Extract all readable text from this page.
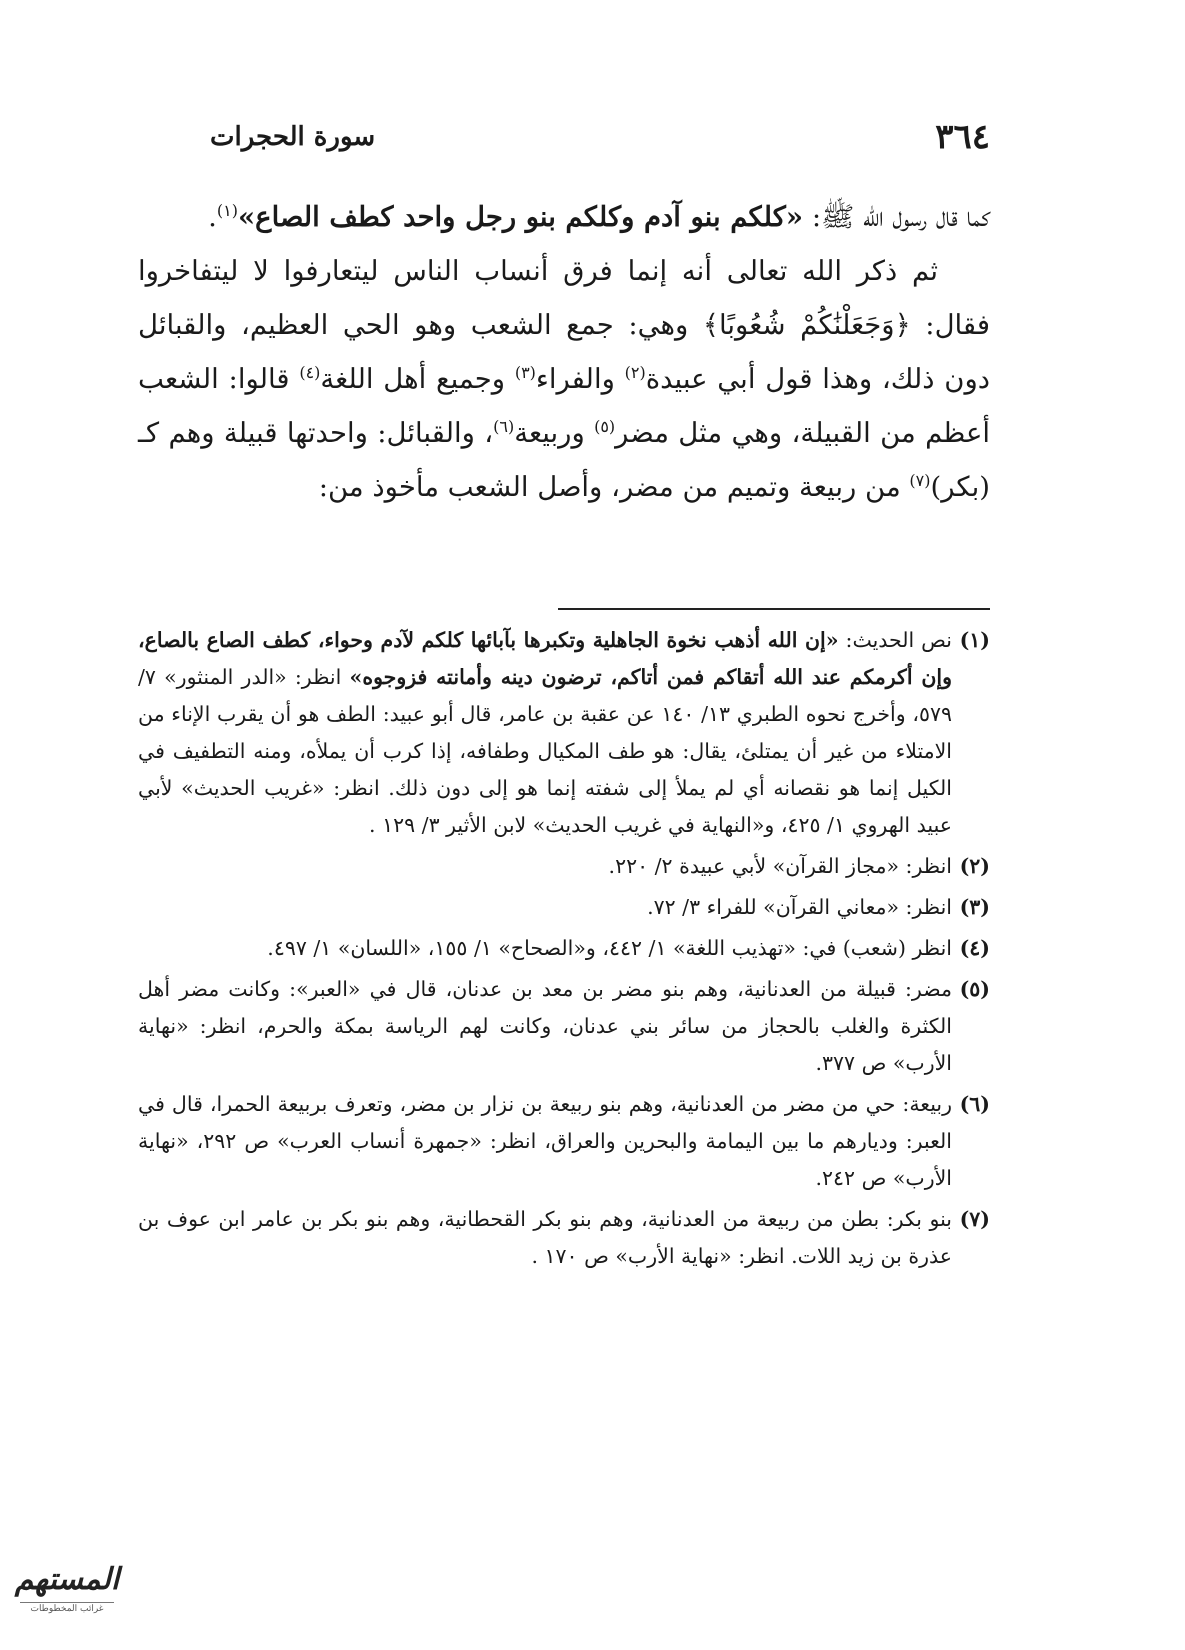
٣٦٤
سورة الحجرات

كما قال رسول الله ﷺ: «كلكم بنو آدم وكلكم بنو رجل واحد كطف الصاع»$^{(١)}$.

ثم ذكر الله تعالى أنه إنما فرق أنساب الناس ليتعارفوا لا ليتفاخروا فقال: ﴿وَجَعَلْنَٰكُمْ شُعُوبًا﴾ وهي: جمع الشعب وهو الحي العظيم، والقبائل دون ذلك، وهذا قول أبي عبيدة$^{(٢)}$ والفراء$^{(٣)}$ وجميع أهل اللغة$^{(٤)}$ قالوا: الشعب أعظم من القبيلة، وهي مثل مضر$^{(٥)}$ وربيعة$^{(٦)}$، والقبائل: واحدتها قبيلة وهم كـ (بكر)$^{(٧)}$ من ربيعة وتميم من مضر، وأصل الشعب مأخوذ من:

(١)
نص الحديث: «إن الله أذهب نخوة الجاهلية وتكبرها بآبائها كلكم لآدم وحواء، كطف الصاع بالصاع، وإن أكرمكم عند الله أتقاكم فمن أتاكم، ترضون دينه وأمانته فزوجوه» انظر: «الدر المنثور» ٧/ ٥٧٩، وأخرج نحوه الطبري ١٣/ ١٤٠ عن عقبة بن عامر، قال أبو عبيد: الطف هو أن يقرب الإناء من الامتلاء من غير أن يمتلئ، يقال: هو طف المكيال وطفافه، إذا كرب أن يملأه، ومنه التطفيف في الكيل إنما هو نقصانه أي لم يملأ إلى شفته إنما هو إلى دون ذلك. انظر: «غريب الحديث» لأبي عبيد الهروي ١/ ٤٢٥، و«النهاية في غريب الحديث» لابن الأثير ٣/ ١٢٩ .
(٢)
انظر: «مجاز القرآن» لأبي عبيدة ٢/ ٢٢٠.
(٣)
انظر: «معاني القرآن» للفراء ٣/ ٧٢.
(٤)
انظر (شعب) في: «تهذيب اللغة» ١/ ٤٤٢، و«الصحاح» ١/ ١٥٥، «اللسان» ١/ ٤٩٧.
(٥)
مضر: قبيلة من العدنانية، وهم بنو مضر بن معد بن عدنان، قال في «العبر»: وكانت مضر أهل الكثرة والغلب بالحجاز من سائر بني عدنان، وكانت لهم الرياسة بمكة والحرم، انظر: «نهاية الأرب» ص ٣٧٧.
(٦)
ربيعة: حي من مضر من العدنانية، وهم بنو ربيعة بن نزار بن مضر، وتعرف بربيعة الحمرا، قال في العبر: وديارهم ما بين اليمامة والبحرين والعراق، انظر: «جمهرة أنساب العرب» ص ٢٩٢، «نهاية الأرب» ص ٢٤٢.
(٧)
بنو بكر: بطن من ربيعة من العدنانية، وهم بنو بكر القحطانية، وهم بنو بكر بن عامر ابن عوف بن عذرة بن زيد اللات. انظر: «نهاية الأرب» ص ١٧٠ .
المستهم
غرائب المخطوطات
